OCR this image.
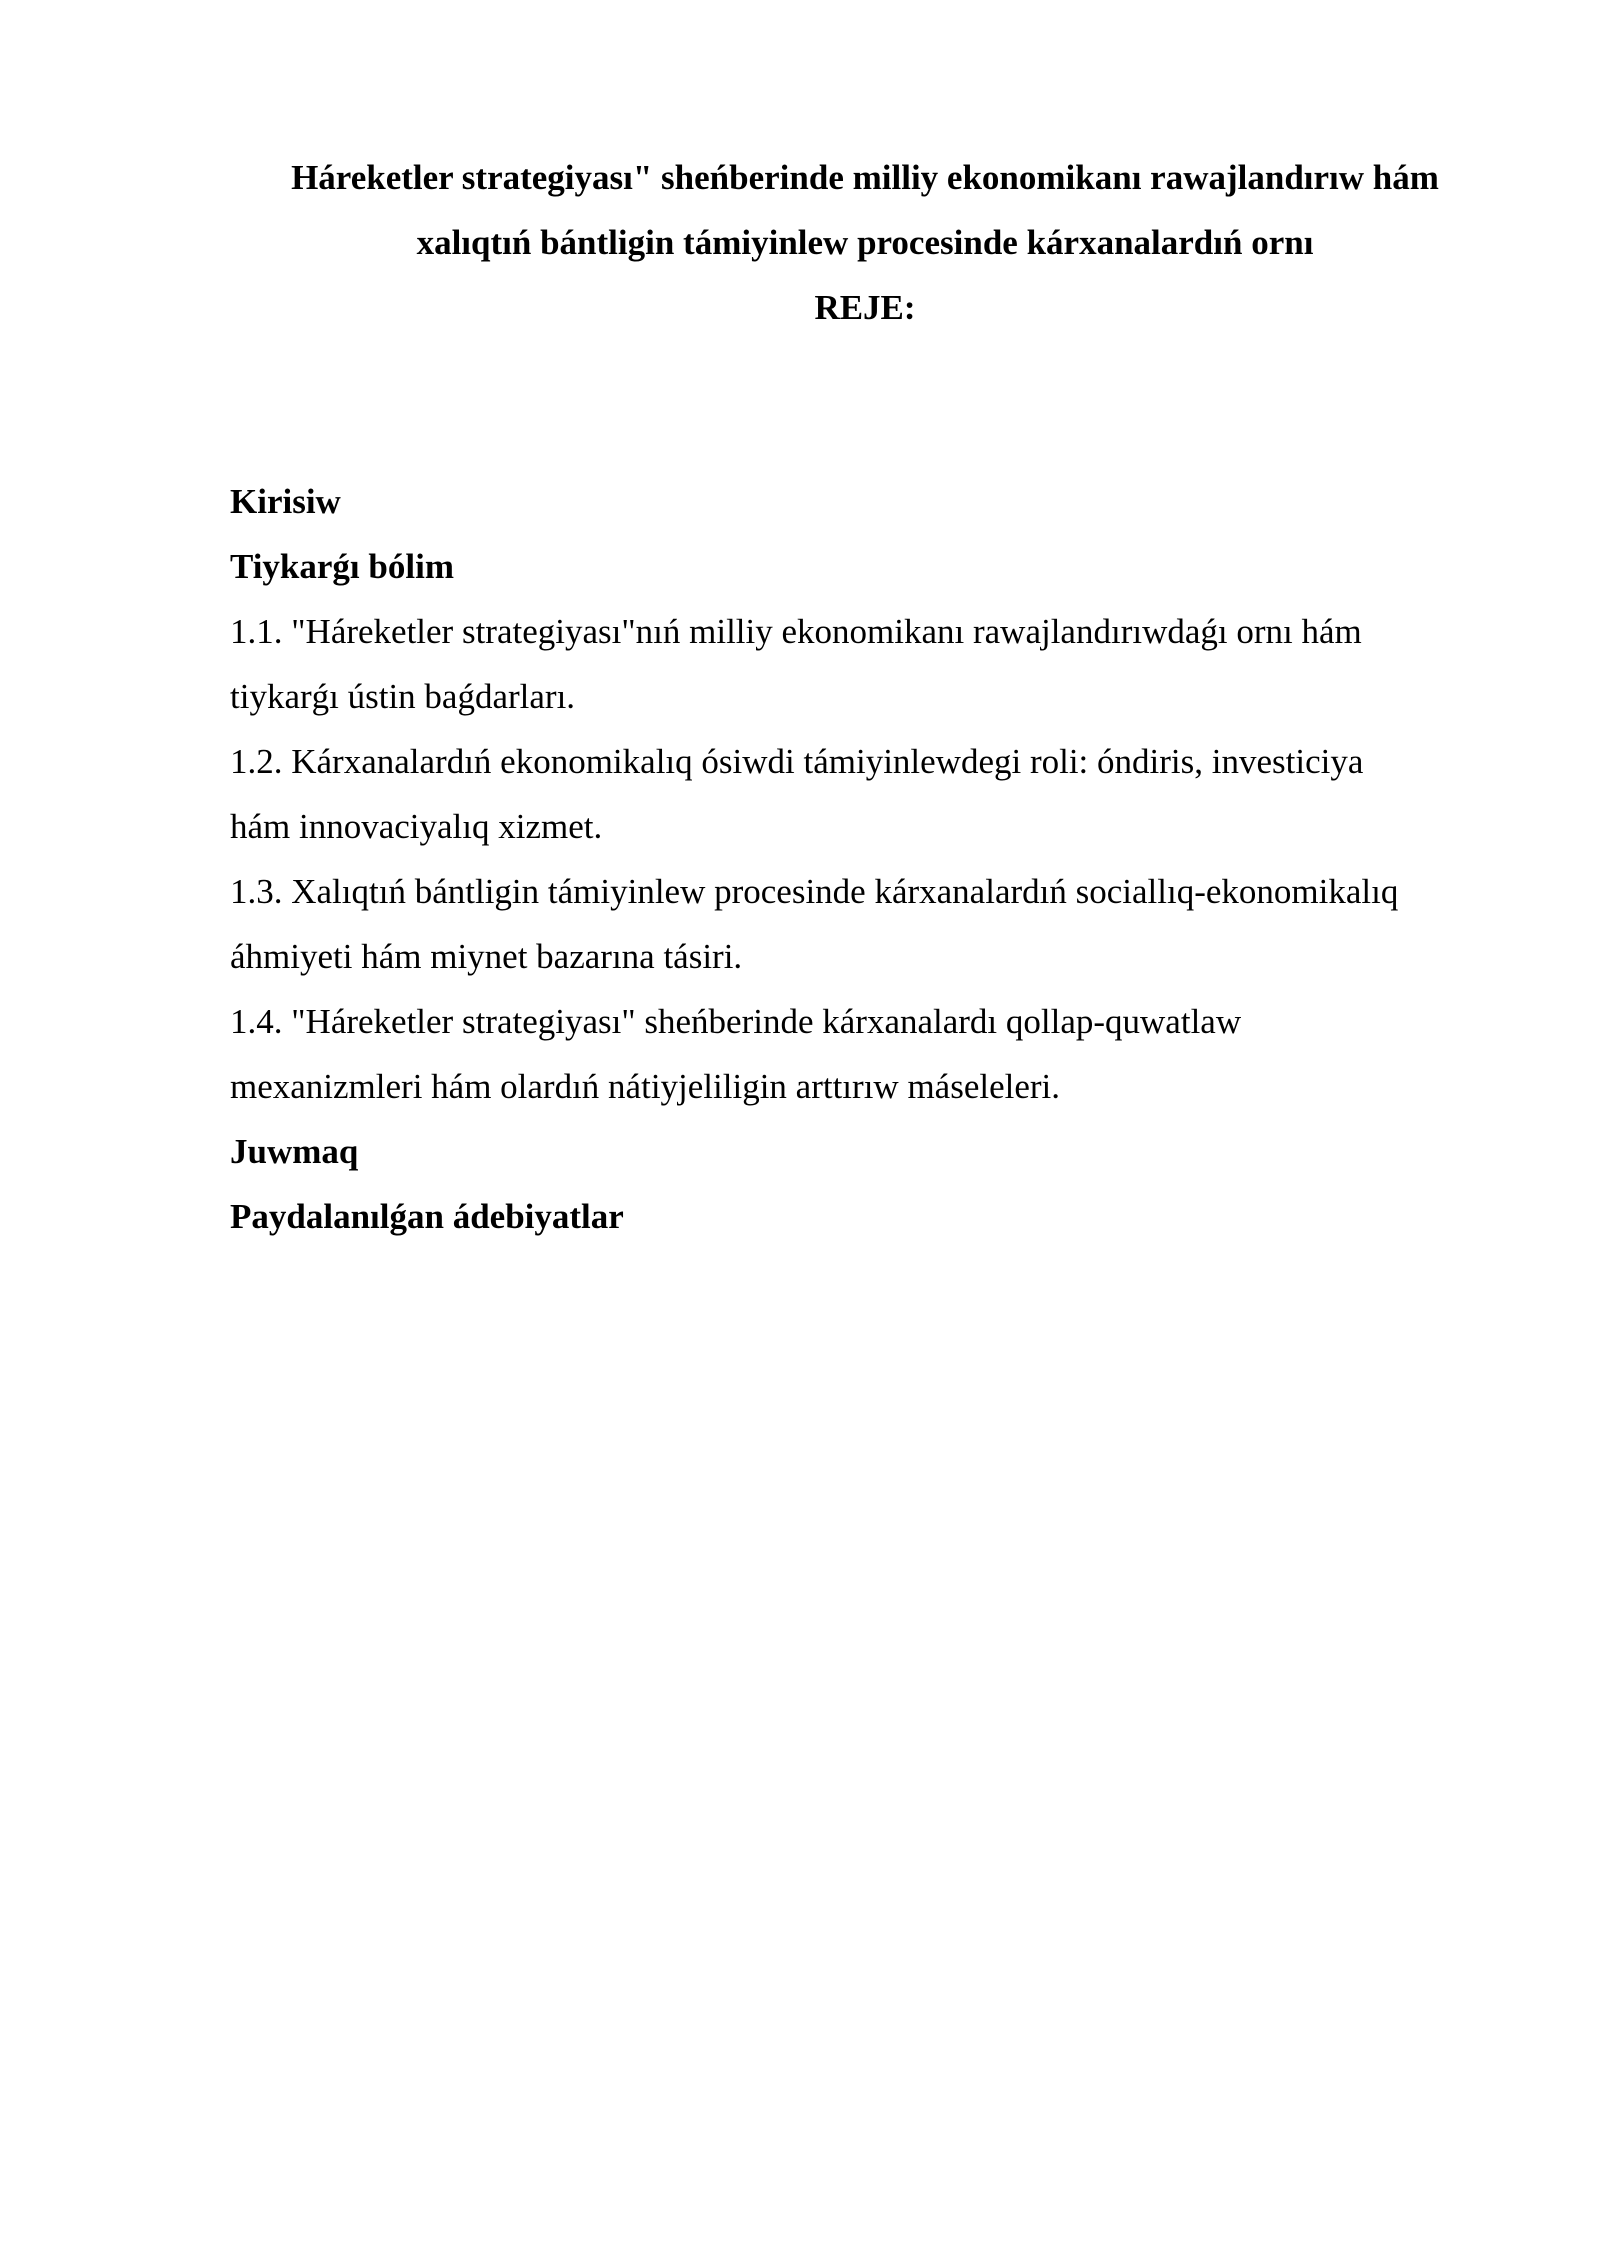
Háreketler strategiyası" sheńberinde milliy ekonomikanı rawajlandırıw hám
xalıqtıń bántligin támiyinlew procesinde kárxanalardıń ornı
REJE:
Kirisiw
Tiykarǵı bólim
1.1. "Háreketler strategiyası"nıń milliy ekonomikanı rawajlandırıwdaǵı ornı hám
tiykarǵı ústin baǵdarları.
1.2. Kárxanalardıń ekonomikalıq ósiwdi támiyinlewdegi roli: óndiris, investiciya
hám innovaciyalıq xizmet.
1.3. Xalıqtıń bántligin támiyinlew procesinde kárxanalardıń sociallıq-ekonomikalıq
áhmiyeti hám miynet bazarına tásiri.
1.4. "Háreketler strategiyası" sheńberinde kárxanalardı qollap-quwatlaw
mexanizmleri hám olardıń nátiyjeliligin arttırıw máseleleri.
Juwmaq
Paydalanılǵan ádebiyatlar
